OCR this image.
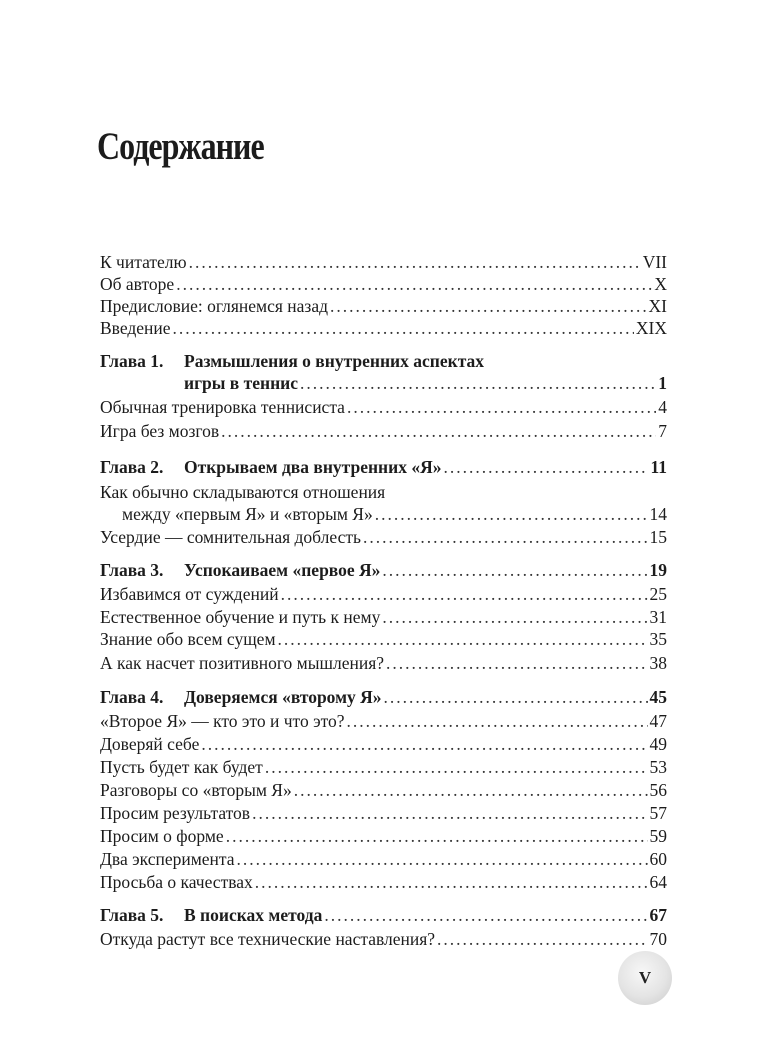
Содержание
К читателю .....	VII
Об авторе .....	X
Предисловие: оглянемся назад .....	XI
Введение .....	XIX
Глава 1. Размышления о внутренних аспектах
игры в теннис .....	1
Обычная тренировка теннисиста .....	4
Игра без мозгов .....	7
Глава 2. Открываем два внутренних «Я» .....	11
Как обычно складываются отношения
между «первым Я» и «вторым Я» .....	14
Усердие — сомнительная доблесть .....	15
Глава 3. Успокаиваем «первое Я» .....	19
Избавимся от суждений .....	25
Естественное обучение и путь к нему .....	31
Знание обо всем сущем .....	35
А как насчет позитивного мышления? .....	38
Глава 4. Доверяемся «второму Я» .....	45
«Второе Я» — кто это и что это? .....	47
Доверяй себе .....	49
Пусть будет как будет .....	53
Разговоры со «вторым Я» .....	56
Просим результатов .....	57
Просим о форме .....	59
Два эксперимента .....	60
Просьба о качествах .....	64
Глава 5. В поисках метода .....	67
Откуда растут все технические наставления? .....	70
V
